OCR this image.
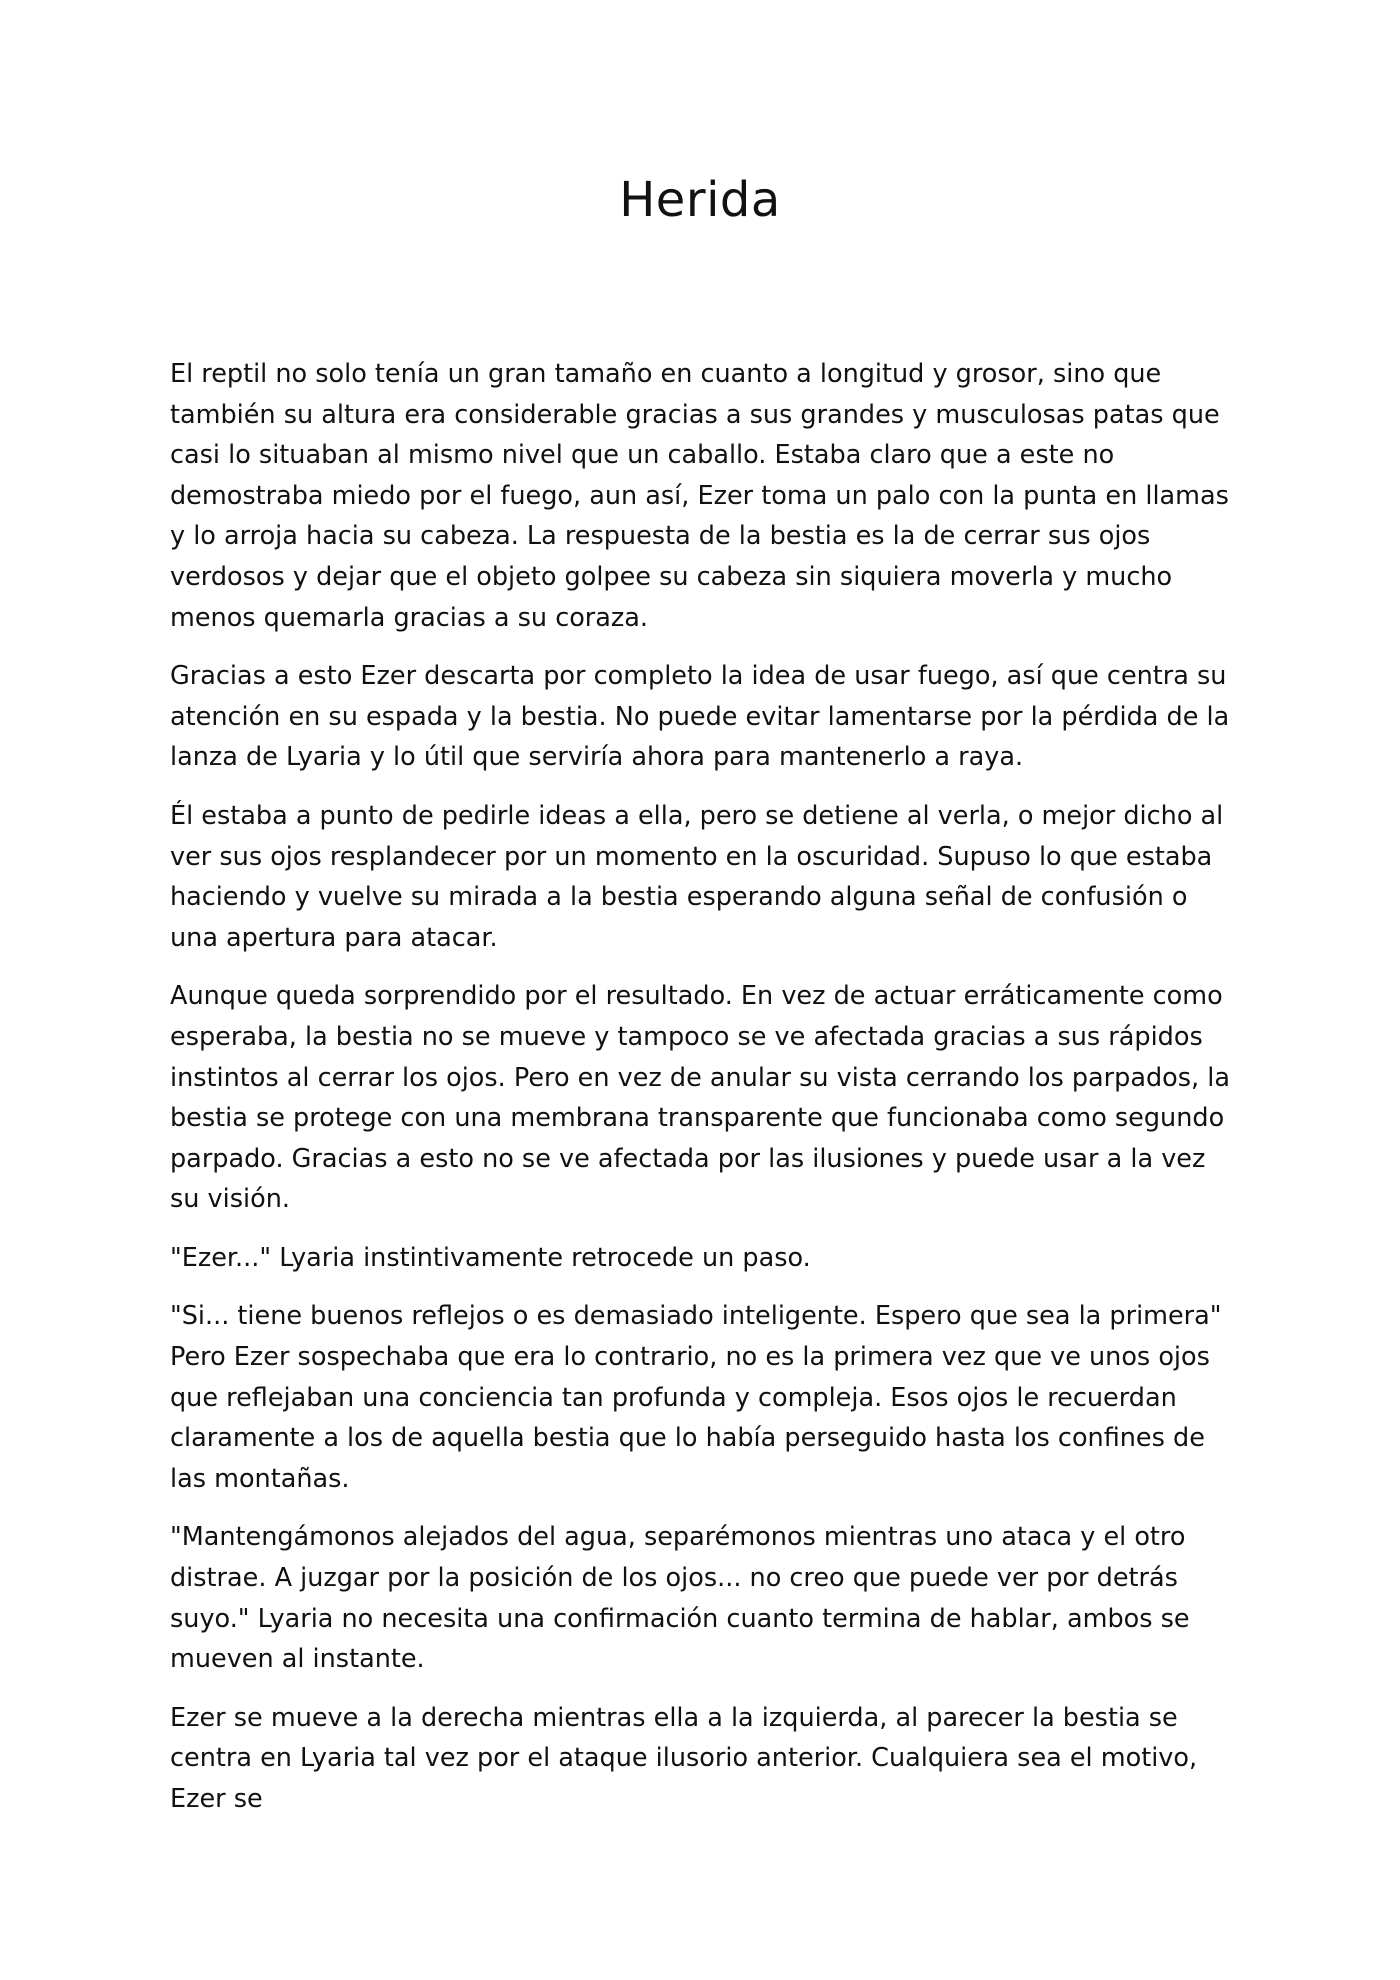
Herida

El reptil no solo tenía un gran tamaño en cuanto a longitud y grosor, sino que también su altura era considerable gracias a sus grandes y musculosas patas que casi lo situaban al mismo nivel que un caballo. Estaba claro que a este no demostraba miedo por el fuego, aun así, Ezer toma un palo con la punta en llamas y lo arroja hacia su cabeza. La respuesta de la bestia es la de cerrar sus ojos verdosos y dejar que el objeto golpee su cabeza sin siquiera moverla y mucho menos quemarla gracias a su coraza.

Gracias a esto Ezer descarta por completo la idea de usar fuego, así que centra su atención en su espada y la bestia. No puede evitar lamentarse por la pérdida de la lanza de Lyaria y lo útil que serviría ahora para mantenerlo a raya.

Él estaba a punto de pedirle ideas a ella, pero se detiene al verla, o mejor dicho al ver sus ojos resplandecer por un momento en la oscuridad. Supuso lo que estaba haciendo y vuelve su mirada a la bestia esperando alguna señal de confusión o una apertura para atacar.

Aunque queda sorprendido por el resultado. En vez de actuar erráticamente como esperaba, la bestia no se mueve y tampoco se ve afectada gracias a sus rápidos instintos al cerrar los ojos. Pero en vez de anular su vista cerrando los parpados, la bestia se protege con una membrana transparente que funcionaba como segundo parpado. Gracias a esto no se ve afectada por las ilusiones y puede usar a la vez su visión.

"Ezer..." Lyaria instintivamente retrocede un paso.

"Si... tiene buenos reflejos o es demasiado inteligente. Espero que sea la primera" Pero Ezer sospechaba que era lo contrario, no es la primera vez que ve unos ojos que reflejaban una conciencia tan profunda y compleja. Esos ojos le recuerdan claramente a los de aquella bestia que lo había perseguido hasta los confines de las montañas.

"Mantengámonos alejados del agua, separémonos mientras uno ataca y el otro distrae. A juzgar por la posición de los ojos... no creo que puede ver por detrás suyo." Lyaria no necesita una confirmación cuanto termina de hablar, ambos se mueven al instante.

Ezer se mueve a la derecha mientras ella a la izquierda, al parecer la bestia se centra en Lyaria tal vez por el ataque ilusorio anterior. Cualquiera sea el motivo, Ezer se
